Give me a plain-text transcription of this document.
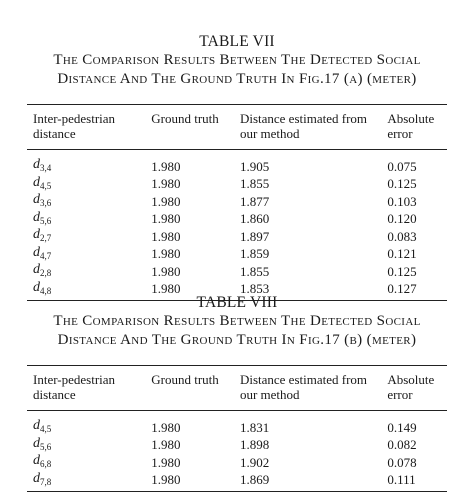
TABLE VII
The Comparison Results Between The Detected Social
Distance And The Ground Truth In Fig.17 (a) (meter)
Inter-pedestrian distance	Ground truth	Distance estimated from our method	Absolute error
$d_{3,4}$	1.980	1.905	0.075
$d_{4,5}$	1.980	1.855	0.125
$d_{3,6}$	1.980	1.877	0.103
$d_{5,6}$	1.980	1.860	0.120
$d_{2,7}$	1.980	1.897	0.083
$d_{4,7}$	1.980	1.859	0.121
$d_{2,8}$	1.980	1.855	0.125
$d_{4,8}$	1.980	1.853	0.127
TABLE VIII
The Comparison Results Between The Detected Social
Distance And The Ground Truth In Fig.17 (b) (meter)
Inter-pedestrian distance	Ground truth	Distance estimated from our method	Absolute error
$d_{4,5}$	1.980	1.831	0.149
$d_{5,6}$	1.980	1.898	0.082
$d_{6,8}$	1.980	1.902	0.078
$d_{7,8}$	1.980	1.869	0.111
